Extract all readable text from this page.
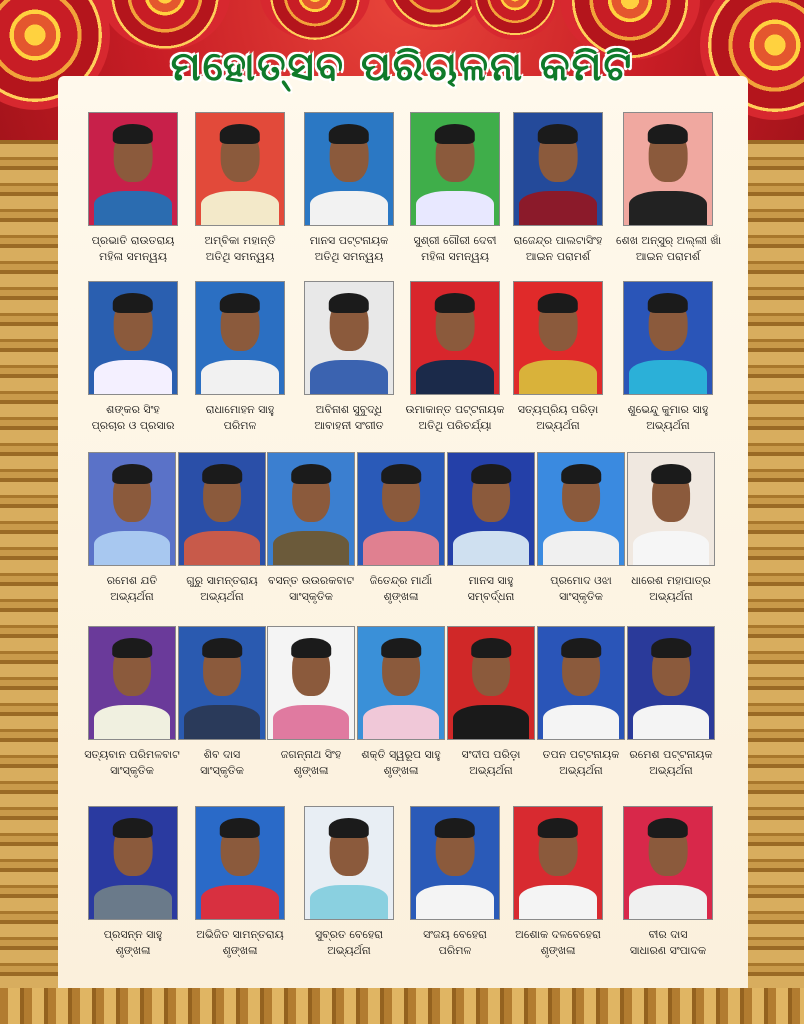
ମହୋତ୍ସବ ପରିଚାଳନା କମିଟି
ପ୍ରଭାତି ରାଉତରାୟ
ମହିଳା ସମନ୍ୱୟ
ଅମ୍ବିକା ମହାନ୍ତି
ଅତିଥି ସମନ୍ୱୟ
ମାନସ ପଟ୍ଟନାୟକ
ଅତିଥି ସମନ୍ୱୟ
ସୁଶ୍ରୀ ଗୌରୀ ଦେବୀ
ମହିଳା ସମନ୍ୱୟ
ରାଜେନ୍ଦ୍ର ପାଲଟାସିଂହ
ଆଇନ ପରାମର୍ଶ
ଶେଖ ଅନ୍‌ସୁର୍ ଅଲ୍ଲୀ ଖାଁ
ଆଇନ ପରାମର୍ଶ
ଶଙ୍କର ସିଂହ
ପ୍ରଚାର ଓ ପ୍ରସାର
ରାଧାମୋହନ ସାହୁ
ପରିମଳ
ଅବିନାଶ ସୁବୁଦ୍ଧି
ଆବାହନୀ ସଂଗୀତ
ଉମାକାନ୍ତ ପଟ୍ଟନାୟକ
ଅତିଥି ପରିଚର୍ଯ୍ୟା
ସତ୍ୟପ୍ରିୟ ପରିଡ଼ା
ଅଭ୍ୟର୍ଥନା
ଶୁଭେନ୍ଦୁ କୁମାର ସାହୁ
ଅଭ୍ୟର୍ଥନା
ରମେଶ ଯତି
ଅଭ୍ୟର୍ଥନା
ଗୁରୁ ସାମନ୍ତରାୟ
ଅଭ୍ୟର୍ଥନା
ବସନ୍ତ ଉଉରକବାଟ
ସାଂସ୍କୃତିକ
ଜିତେନ୍ଦ୍ର ମାର୍ଥା
ଶୃଙ୍ଖଳା
ମାନସ ସାହୁ
ସମ୍ବର୍ଦ୍ଧନା
ପ୍ରମୋଦ ଓଝା
ସାଂସ୍କୃତିକ
ଧାରେଶ ମହାପାତ୍ର
ଅଭ୍ୟର୍ଥନା
ସତ୍ୟବାନ ପରିମଳବାଟ
ସାଂସ୍କୃତିକ
ଶିବ ଦାସ
ସାଂସ୍କୃତିକ
ଜଗନ୍ନାଥ ସିଂହ
ଶୃଙ୍ଖଳା
ଶକ୍ତି ସ୍ୱରୂପ ସାହୁ
ଶୃଙ୍ଖଳା
ସଂଦୀପ ପରିଡ଼ା
ଅଭ୍ୟର୍ଥନା
ତପନ ପଟ୍ଟନାୟକ
ଅଭ୍ୟର୍ଥନା
ରମେଶ ପଟ୍ଟନାୟକ
ଅଭ୍ୟର୍ଥନା
ପ୍ରସନ୍ନ ସାହୁ
ଶୃଙ୍ଖଳା
ଅଭିଜିତ ସାମନ୍ତରାୟ
ଶୃଙ୍ଖଳା
ସୁବ୍ରତ ବେହେରା
ଅଭ୍ୟର୍ଥନା
ସଂଜୟ ବେହେରା
ପରିମଳ
ଅଶୋକ ଦଳବେହେରା
ଶୃଙ୍ଖଳା
ବୀର ଦାସ
ସାଧାରଣ ସଂପାଦକ
